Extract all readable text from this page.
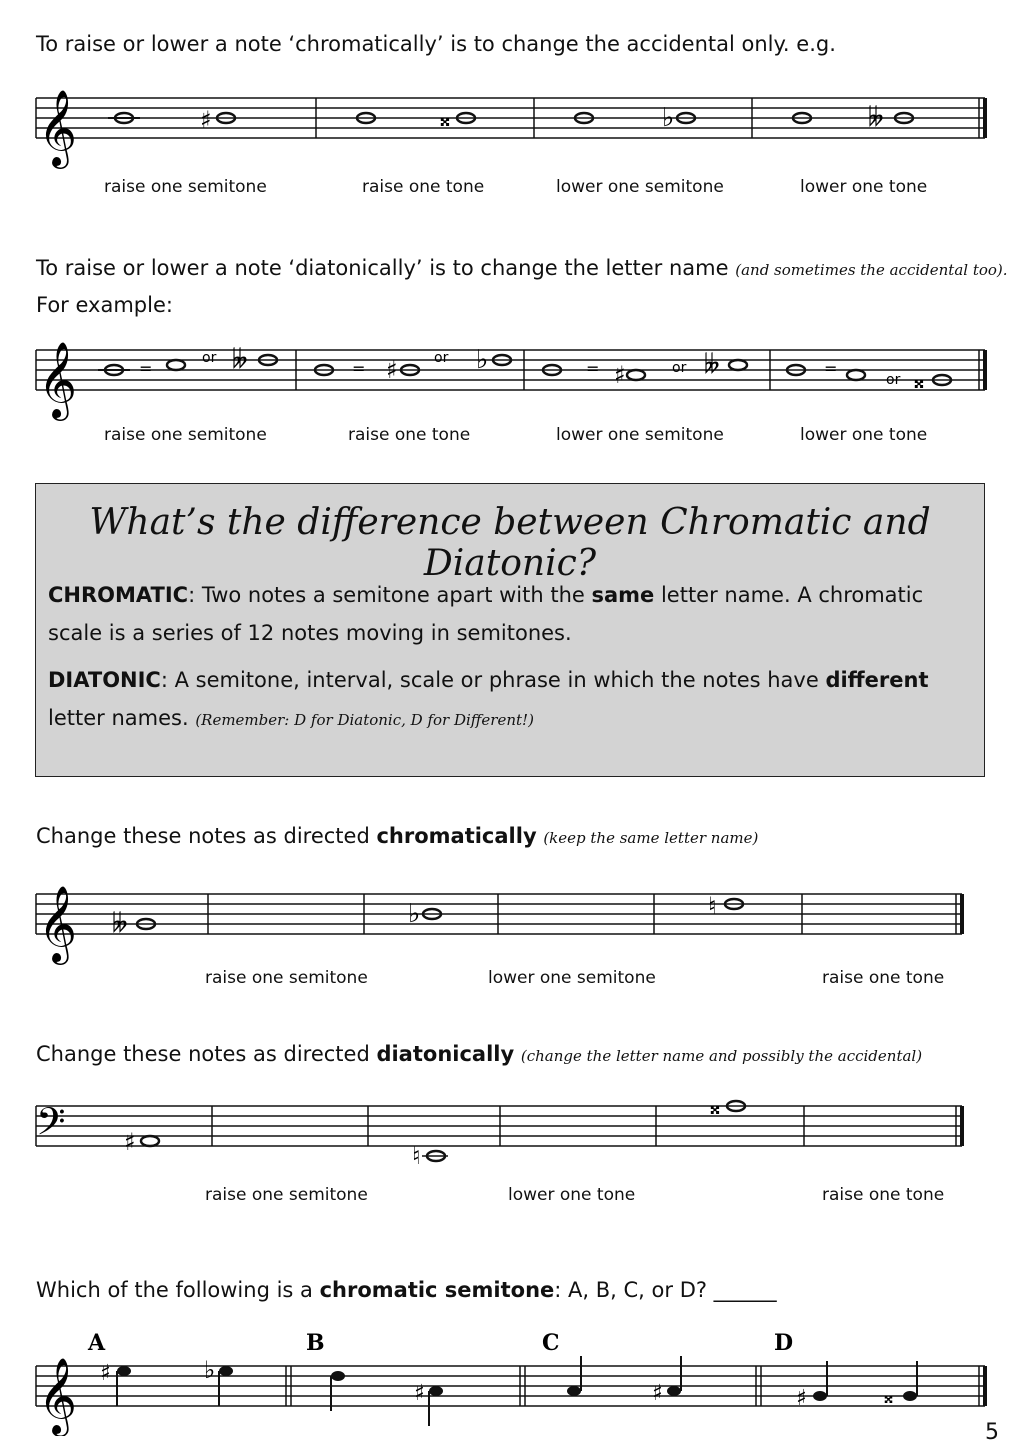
To raise or lower a note ‘chromatically’ is to change the accidental only. e.g.
𝄞	♯	𝄪	♭	𝄫
raise one semitone	raise one tone	lower one semitone	lower one tone
To raise or lower a note ‘diatonically’ is to change the letter name (and sometimes the accidental too).
For example:
𝄞	=	=	=	=
or	or
or
or
𝄫	♯	♭	♯	𝄫
𝄪
raise one semitone	raise one tone	lower one semitone	lower one tone
What’s the difference between Chromatic and Diatonic?
CHROMATIC: Two notes a semitone apart with the same letter name. A chromatic scale is a series of 12 notes moving in semitones.
DIATONIC: A semitone, interval, scale or phrase in which the notes have different letter names. (Remember: D for Diatonic, D for Different!)
Change these notes as directed chromatically (keep the same letter name)
𝄞 𝄫	♭	♮
raise one semitone	lower one semitone	raise one tone
Change these notes as directed diatonically (change the letter name and possibly the accidental)
𝄢 ♯	♮
𝄪
raise one semitone	lower one tone	raise one tone
Which of the following is a chromatic semitone: A, B, C, or D? ______
A	B	C	D
𝄞 ♯	♭
♯	♯	♯	𝄪
5
